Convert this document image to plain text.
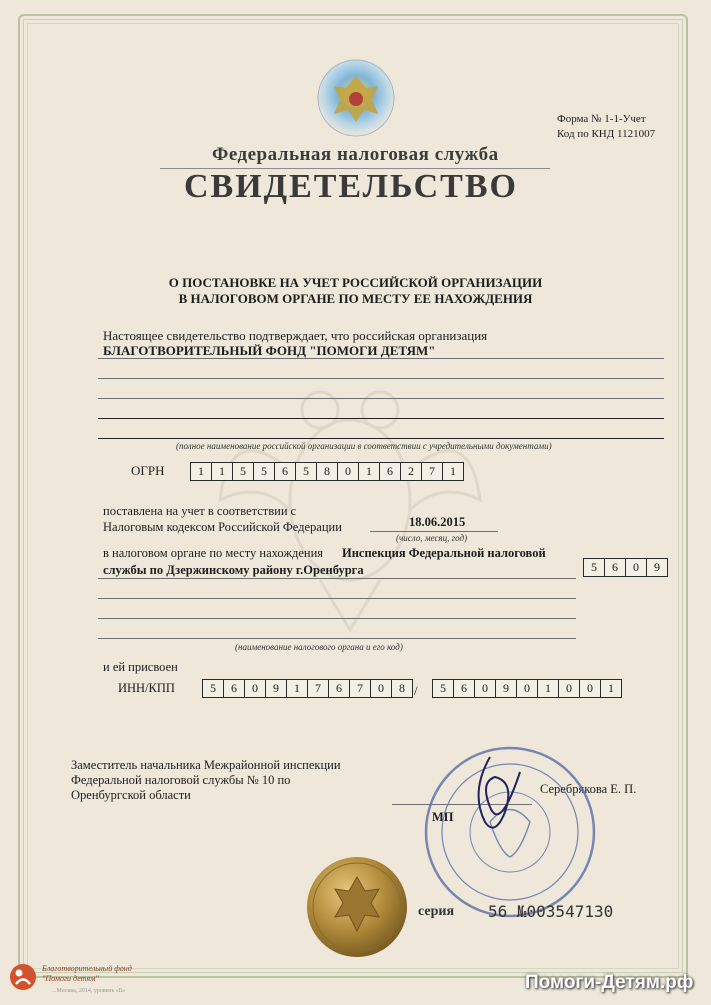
Форма № 1-1-Учет
Код по КНД 1121007
Федеральная налоговая служба
СВИДЕТЕЛЬСТВО
О ПОСТАНОВКЕ НА УЧЕТ РОССИЙСКОЙ ОРГАНИЗАЦИИ
В НАЛОГОВОМ ОРГАНЕ ПО МЕСТУ ЕЕ НАХОЖДЕНИЯ
Настоящее свидетельство подтверждает, что российская организация
БЛАГОТВОРИТЕЛЬНЫЙ ФОНД "ПОМОГИ ДЕТЯМ"
(полное наименование российской организации в соответствии с учредительными документами)
ОГРН	1	1	5	5	6	5	8	0	1	6	2	7	1
поставлена на учет в соответствии с
Налоговым кодексом Российской Федерации	18.06.2015
(число, месяц, год)
в налоговом органе по месту нахождения Инспекция Федеральной налоговой
службы по Дзержинскому району г.Оренбурга	5	6	0	9
(наименование налогового органа и его код)
и ей присвоен
ИНН/КПП	5	6	0	9	1	7	6	7	0	8 /	5	6	0	9	0	1	0	0	1
Заместитель начальника Межрайонной инспекции
Федеральной налоговой службы № 10 по
Оренбургской области	Серебрякова Е. П.
МП
серия 56 №003547130
Благотворительный фонд
"Помоги детям"
...Москва, 2014, уровень «Б»	Помоги-Детям.рф
